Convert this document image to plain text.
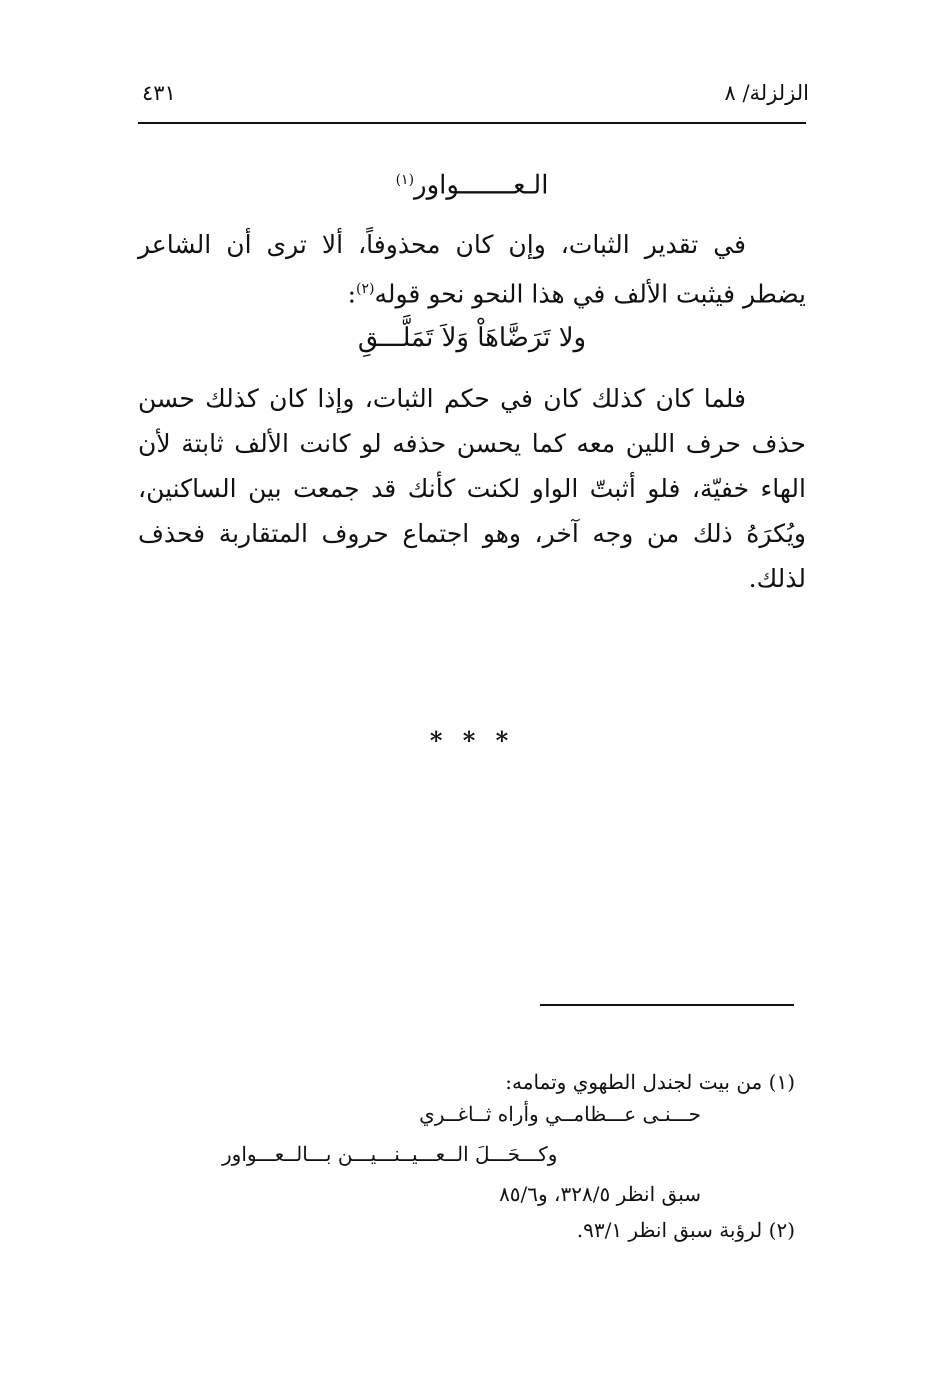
الزلزلة/ ٨
٤٣١
الـعـــــــواور$^{(١)}$

في تقدير الثبات، وإن كان محذوفاً، ألا ترى أن الشاعر يضطر فيثبت الألف في هذا النحو نحو قوله$^{(٢)}$:

ولا تَرَضَّاهَاْ وَلاَ تَمَلَّـــقِ

فلما كان كذلك كان في حكم الثبات، وإذا كان كذلك حسن حذف حرف اللين معه كما يحسن حذفه لو كانت الألف ثابتة لأن الهاء خفيّة، فلو أثبتّ الواو لكنت كأنك قد جمعت بين الساكنين، ويُكرَهُ ذلك من وجه آخر، وهو اجتماع حروف المتقاربة فحذف لذلك.

* * *
(١) من بيت لجندل الطهوي وتمامه:
حـــنـى عـــظامــي وأراه ثــاغــري
وكـــحَـــلَ الــعـــيــنـــيـــن بـــالــعـــواور
سبق انظر ٣٢٨/٥، و٨٥/٦
(٢) لرؤبة سبق انظر ٩٣/١.
